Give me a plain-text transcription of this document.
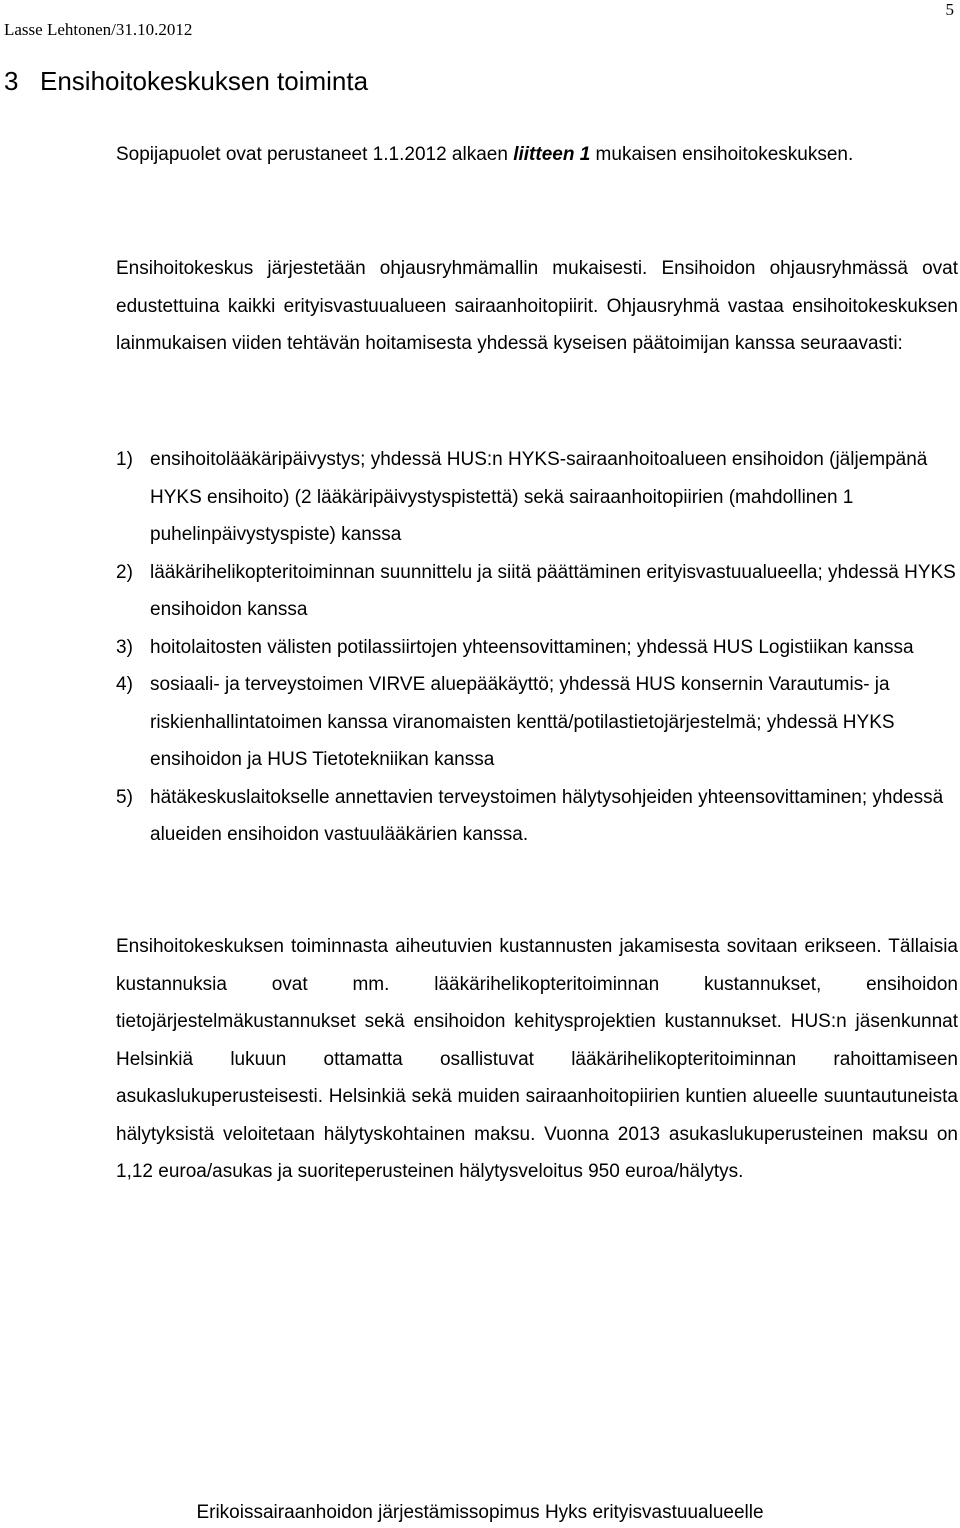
Lasse Lehtonen/31.10.2012
5
3 Ensihoitokeskuksen toiminta

Sopijapuolet ovat perustaneet 1.1.2012 alkaen liitteen 1 mukaisen ensihoitokeskuksen.

Ensihoitokeskus järjestetään ohjausryhmämallin mukaisesti. Ensihoidon ohjausryhmässä ovat edustettuina kaikki erityisvastuualueen sairaanhoitopiirit. Ohjausryhmä vastaa ensihoitokeskuksen lainmukaisen viiden tehtävän hoitamisesta yhdessä kyseisen päätoimijan kanssa seuraavasti:

1) ensihoitolääkäripäivystys; yhdessä HUS:n HYKS-sairaanhoitoalueen ensihoidon (jäljempänä HYKS ensihoito) (2 lääkäripäivystyspistettä) sekä sairaanhoitopiirien (mahdollinen 1 puhelinpäivystyspiste) kanssa
2) lääkärihelikopteritoiminnan suunnittelu ja siitä päättäminen erityisvastuualueella; yhdessä HYKS ensihoidon kanssa
3) hoitolaitosten välisten potilassiirtojen yhteensovittaminen; yhdessä HUS Logistiikan kanssa
4) sosiaali- ja terveystoimen VIRVE aluepääkäyttö; yhdessä HUS konsernin Varautumis- ja riskienhallintatoimen kanssa viranomaisten kenttä/potilastietojärjestelmä; yhdessä HYKS ensihoidon ja HUS Tietotekniikan kanssa
5) hätäkeskuslaitokselle annettavien terveystoimen hälytysohjeiden yhteensovittaminen; yhdessä alueiden ensihoidon vastuulääkärien kanssa.

Ensihoitokeskuksen toiminnasta aiheutuvien kustannusten jakamisesta sovitaan erikseen. Tällaisia kustannuksia ovat mm. lääkärihelikopteritoiminnan kustannukset, ensihoidon tietojärjestelmäkustannukset sekä ensihoidon kehitysprojektien kustannukset. HUS:n jäsenkunnat Helsinkiä lukuun ottamatta osallistuvat lääkärihelikopteritoiminnan rahoittamiseen asukaslukuperusteisesti. Helsinkiä sekä muiden sairaanhoitopiirien kuntien alueelle suuntautuneista hälytyksistä veloitetaan hälytyskohtainen maksu. Vuonna 2013 asukaslukuperusteinen maksu on 1,12 euroa/asukas ja suoriteperusteinen hälytysveloitus 950 euroa/hälytys.

Erikoissairaanhoidon järjestämissopimus Hyks erityisvastuualueelle
